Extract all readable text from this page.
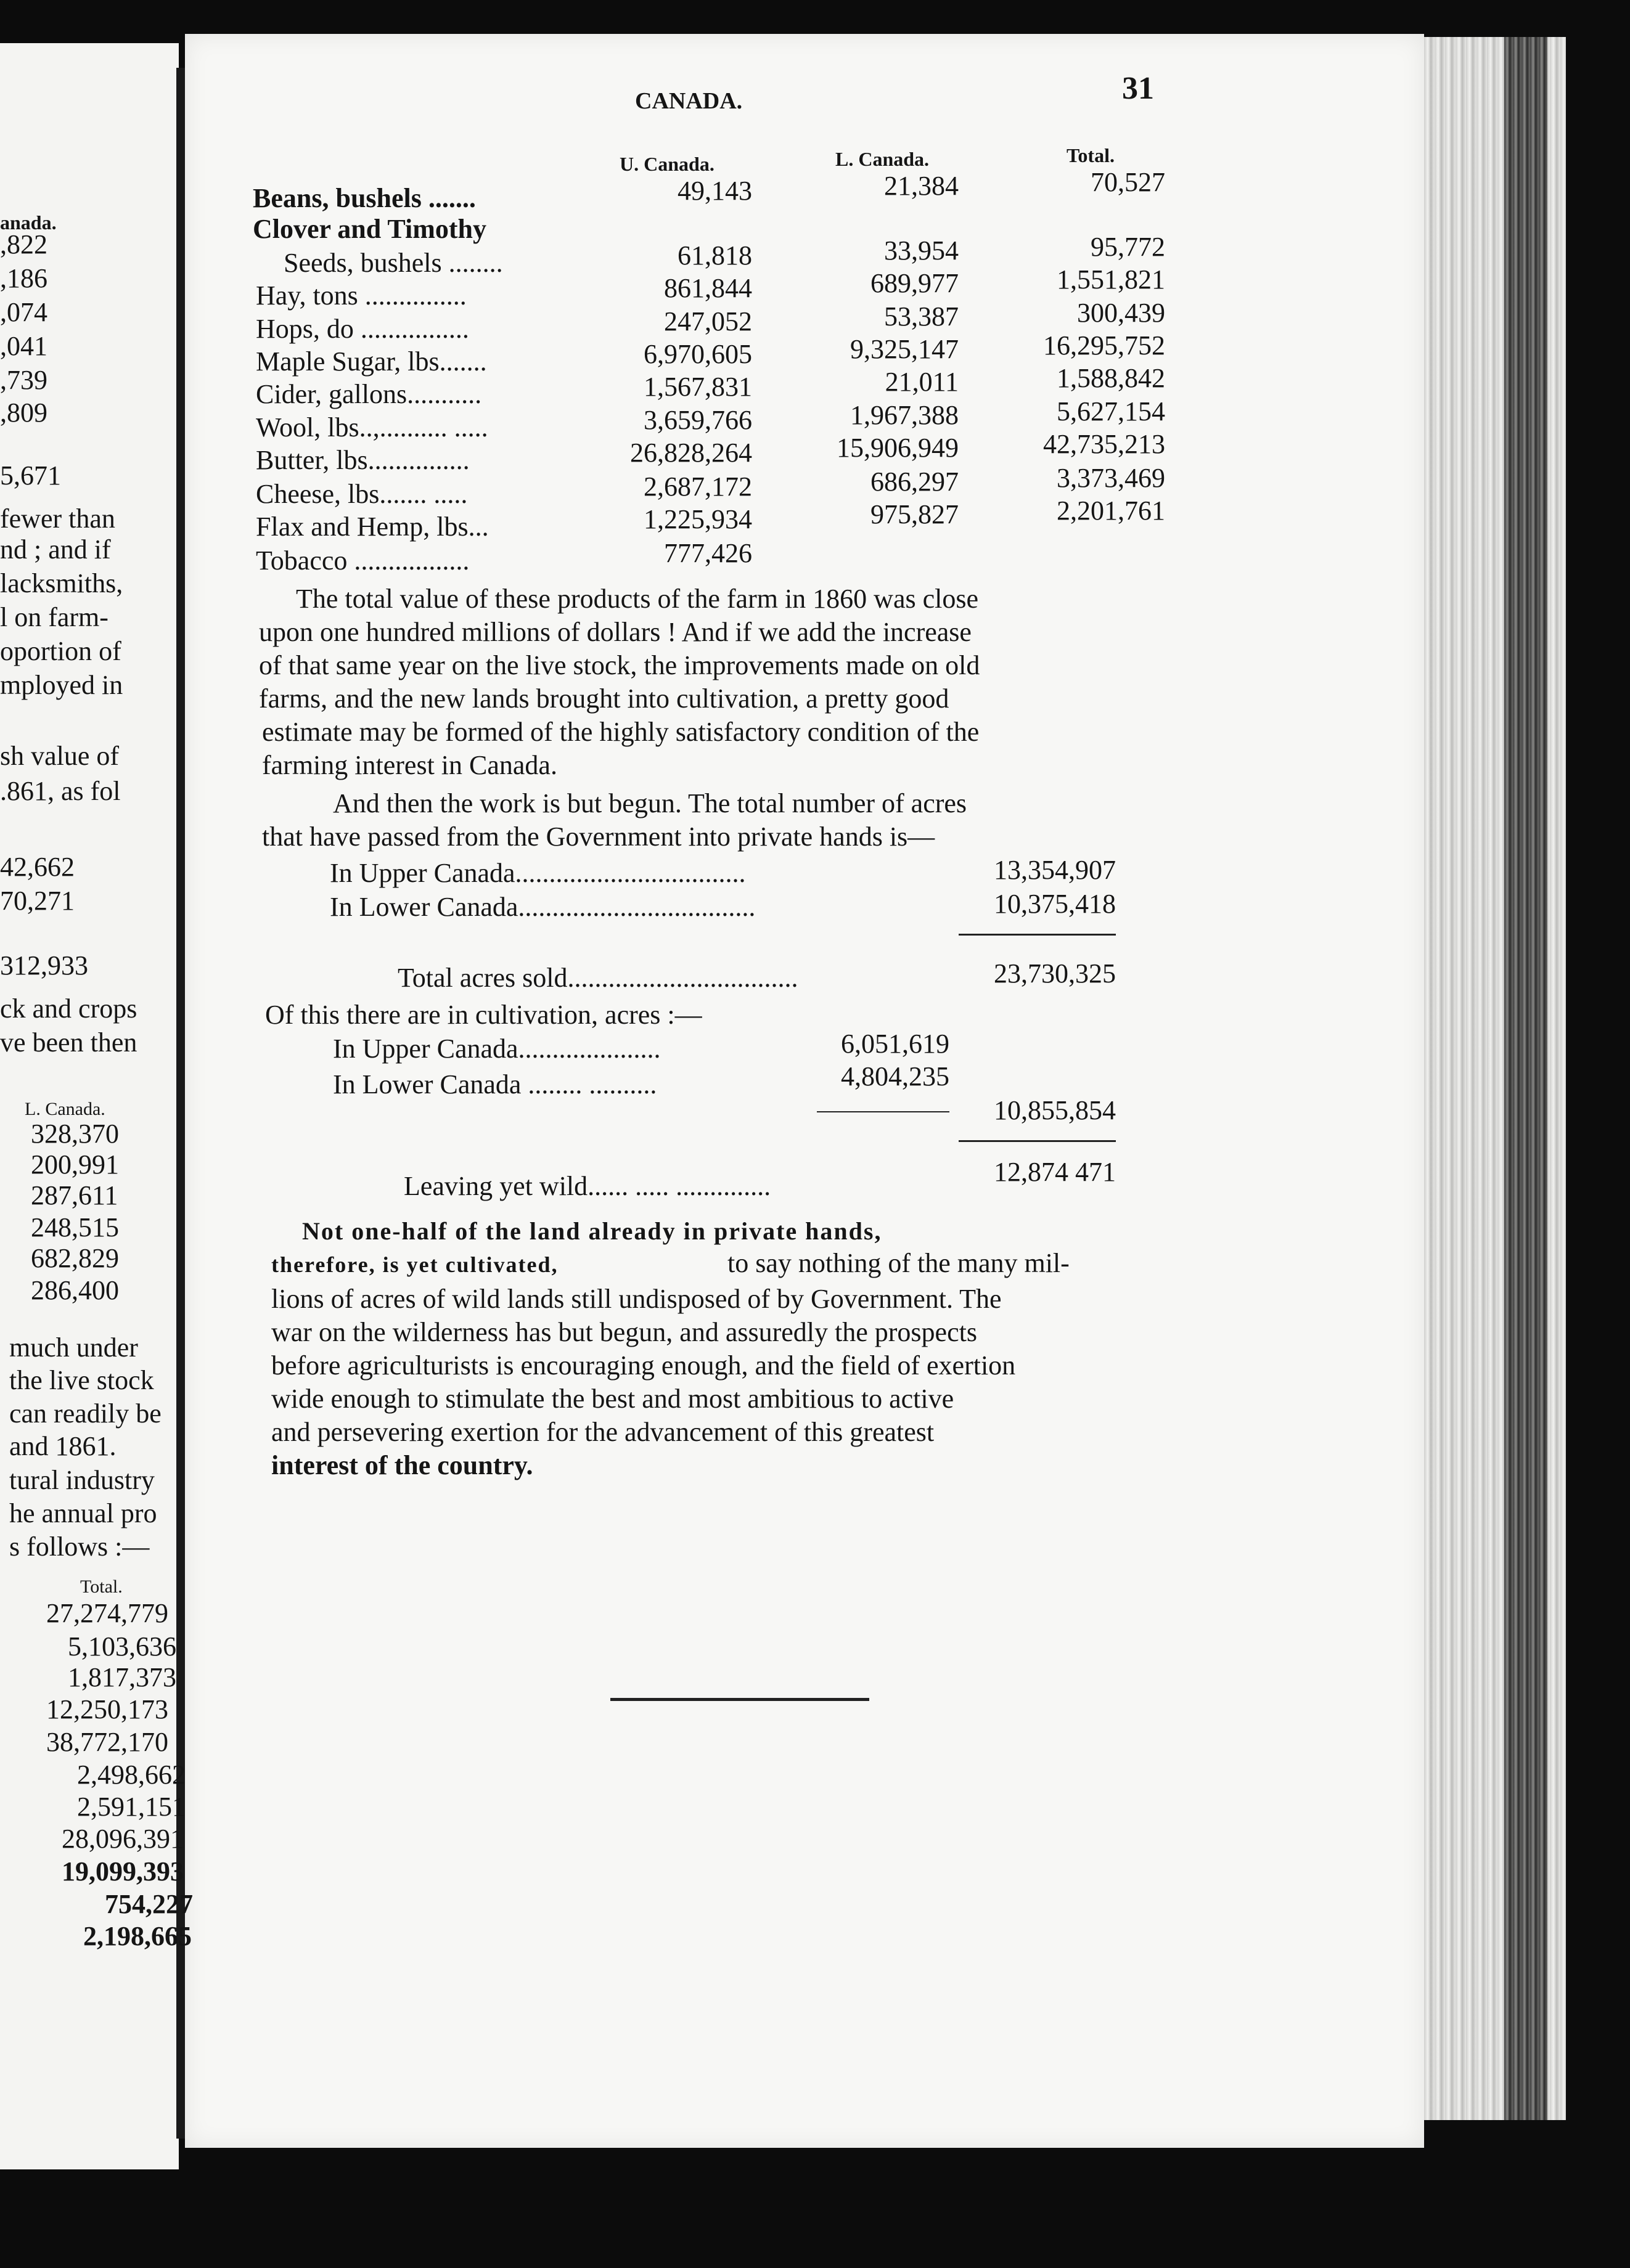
CANADA.	31
U. Canada.	L. Canada.	Total.
Beans, bushels .......	49,143	21,384	70,527
Clover and Timothy
Seeds, bushels ........	61,818	33,954	95,772
Hay, tons ...............	861,844	689,977	1,551,821
Hops, do ................	247,052	53,387	300,439
Maple Sugar, lbs.......	6,970,605	9,325,147	16,295,752
Cider, gallons...........	1,567,831	21,011	1,588,842
Wool, lbs..,.......... .....	3,659,766	1,967,388	5,627,154
Butter, lbs...............	26,828,264	15,906,949	42,735,213
Cheese, lbs....... .....	2,687,172	686,297	3,373,469
Flax and Hemp, lbs...	1,225,934	975,827	2,201,761
Tobacco .................	777,426
The total value of these products of the farm in 1860 was close
upon one hundred millions of dollars ! And if we add the increase
of that same year on the live stock, the improvements made on old
farms, and the new lands brought into cultivation, a pretty good
estimate may be formed of the highly satisfactory condition of the
farming interest in Canada.
And then the work is but begun. The total number of acres
that have passed from the Government into private hands is—
In Upper Canada..................................	13,354,907
In Lower Canada...................................	10,375,418
Total acres sold..................................	23,730,325
Of this there are in cultivation, acres :—
In Upper Canada.....................	6,051,619
In Lower Canada ........ ..........	4,804,235
10,855,854
Leaving yet wild...... ..... ..............	12,874 471
Not one-half of the land already in private hands,
therefore, is yet cultivated,	to say nothing of the many mil-
lions of acres of wild lands still undisposed of by Government. The
war on the wilderness has but begun, and assuredly the prospects
before agriculturists is encouraging enough, and the field of exertion
wide enough to stimulate the best and most ambitious to active
and persevering exertion for the advancement of this greatest
interest of the country.
anada.
,822
,186
,074
,041
,739
,809
5,671
fewer than
nd ; and if
lacksmiths,
l on farm-
oportion of
mployed in
sh value of
.861, as fol
42,662
70,271
312,933
ck and crops
ve been then
L. Canada.
328,370
200,991
287,611
248,515
682,829
286,400
much under
the live stock
can readily be
and 1861.
tural industry
he annual pro
s follows :—
Total.
27,274,779
5,103,636
1,817,373
12,250,173
38,772,170
2,498,662
2,591,151
28,096,391
19,099,393
754,227
2,198,665
